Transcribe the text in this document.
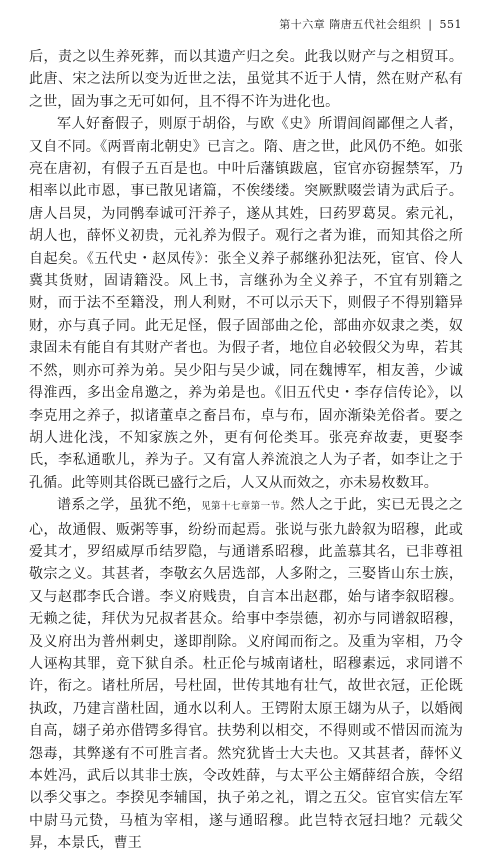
第十六章 隋唐五代社会组织 | 551

后，责之以生养死葬，而以其遗产归之矣。此我以财产与之相贸耳。此唐、宋之法所以变为近世之法，虽觉其不近于人情，然在财产私有之世，固为事之无可如何，且不得不许为进化也。

军人好畜假子，则原于胡俗，与欧《史》所谓闾阎鄙俚之人者，又自不同。《两晋南北朝史》已言之。隋、唐之世，此风仍不绝。如张亮在唐初，有假子五百是也。中叶后藩镇跋扈，宦官亦窃握禁军，乃相率以此市恩，事已散见诸篇，不俟缕缕。突厥默啜尝请为武后子。唐人吕炅，为同鹘奉诚可汗养子，遂从其姓，曰药罗葛炅。索元礼，胡人也，薛怀义初贵，元礼养为假子。观行之者为谁，而知其俗之所自起矣。《五代史・赵凤传》：张全义养子郝继孙犯法死，宦官、伶人冀其货财，固请籍没。风上书，言继孙为全义养子，不宜有别籍之财，而于法不至籍没，刑人利财，不可以示天下，则假子不得别籍异财，亦与真子同。此无足怪，假子固部曲之伦，部曲亦奴隶之类，奴隶固未有能自有其财产者也。为假子者，地位自必较假父为卑，若其不然，则亦可养为弟。吴少阳与吴少诚，同在魏博军，相友善，少诚得淮西，多出金帛邀之，养为弟是也。《旧五代史・李存信传论》，以李克用之养子，拟诸董卓之畜吕布，卓与布，固亦渐染羌俗者。要之胡人进化浅，不知家族之外，更有何伦类耳。张亮弃故妻，更娶李氏，李私通歌儿，养为子。又有富人养流浪之人为子者，如李让之于孔循。此等则其俗既已盛行之后，人又从而效之，亦未易枚数耳。

谱系之学，虽犹不绝，见第十七章第一节。然人之于此，实已无畏之之心，故通假、贩粥等事，纷纷而起焉。张说与张九龄叙为昭穆，此或爱其才，罗绍威厚币结罗隐，与通谱系昭穆，此盖慕其名，已非尊祖敬宗之义。其甚者，李敬玄久居选部，人多附之，三娶皆山东士族，又与赵郡李氏合谱。李义府贱贵，自言本出赵郡，始与诸李叙昭穆。无赖之徒，拜伏为兄叔者甚众。给事中李崇德，初亦与同谱叙昭穆，及义府出为普州刺史，遂即削除。义府闻而衔之。及重为宰相，乃令人诬构其罪，竟下狱自杀。杜正伦与城南诸杜，昭穆素远，求同谱不许，衔之。诸杜所居，号杜固，世传其地有壮气，故世衣冠，正伦既执政，乃建言凿杜固，通水以利人。王锷附太原王翃为从子，以婚阀自高，翃子弟亦借锷多得官。扶势利以相交，不得则或不惜因而流为怨毒，其弊遂有不可胜言者。然究犹皆士大夫也。又其甚者，薛怀义本姓冯，武后以其非士族，令改姓薛，与太平公主婿薛绍合族，令绍以季父事之。李揆见李辅国，执子弟之礼，谓之五父。宦官实信左军中尉马元贽，马植为宰相，遂与通昭穆。此岂特衣冠扫地？元载父昇，本景氏，曹王
